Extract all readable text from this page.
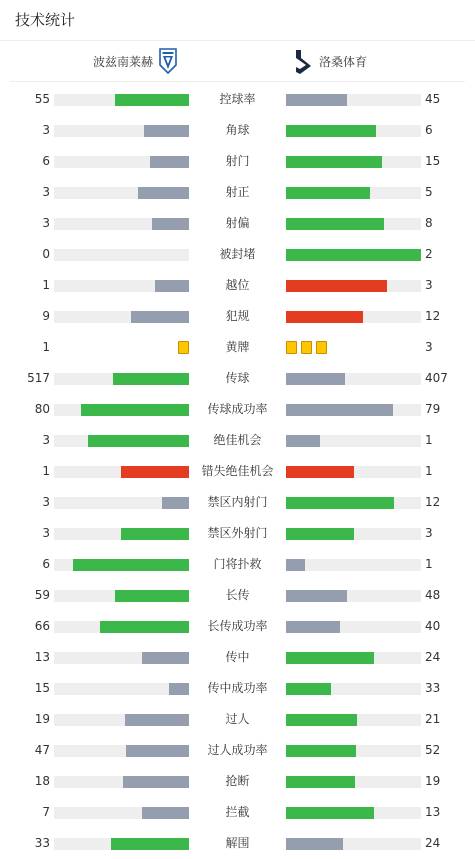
技术统计
波兹南莱赫	洛桑体育
55	控球率	45
3	角球	6
6	射门	15
3	射正	5
3	射偏	8
0	被封堵	2
1	越位	3
9	犯规	12
1	黄牌	3
517	传球	407
80	传球成功率	79
3	绝佳机会	1
1	错失绝佳机会	1
3	禁区内射门	12
3	禁区外射门	3
6	门将扑救	1
59	长传	48
66	长传成功率	40
13	传中	24
15	传中成功率	33
19	过人	21
47	过人成功率	52
18	抢断	19
7	拦截	13
33	解围	24
